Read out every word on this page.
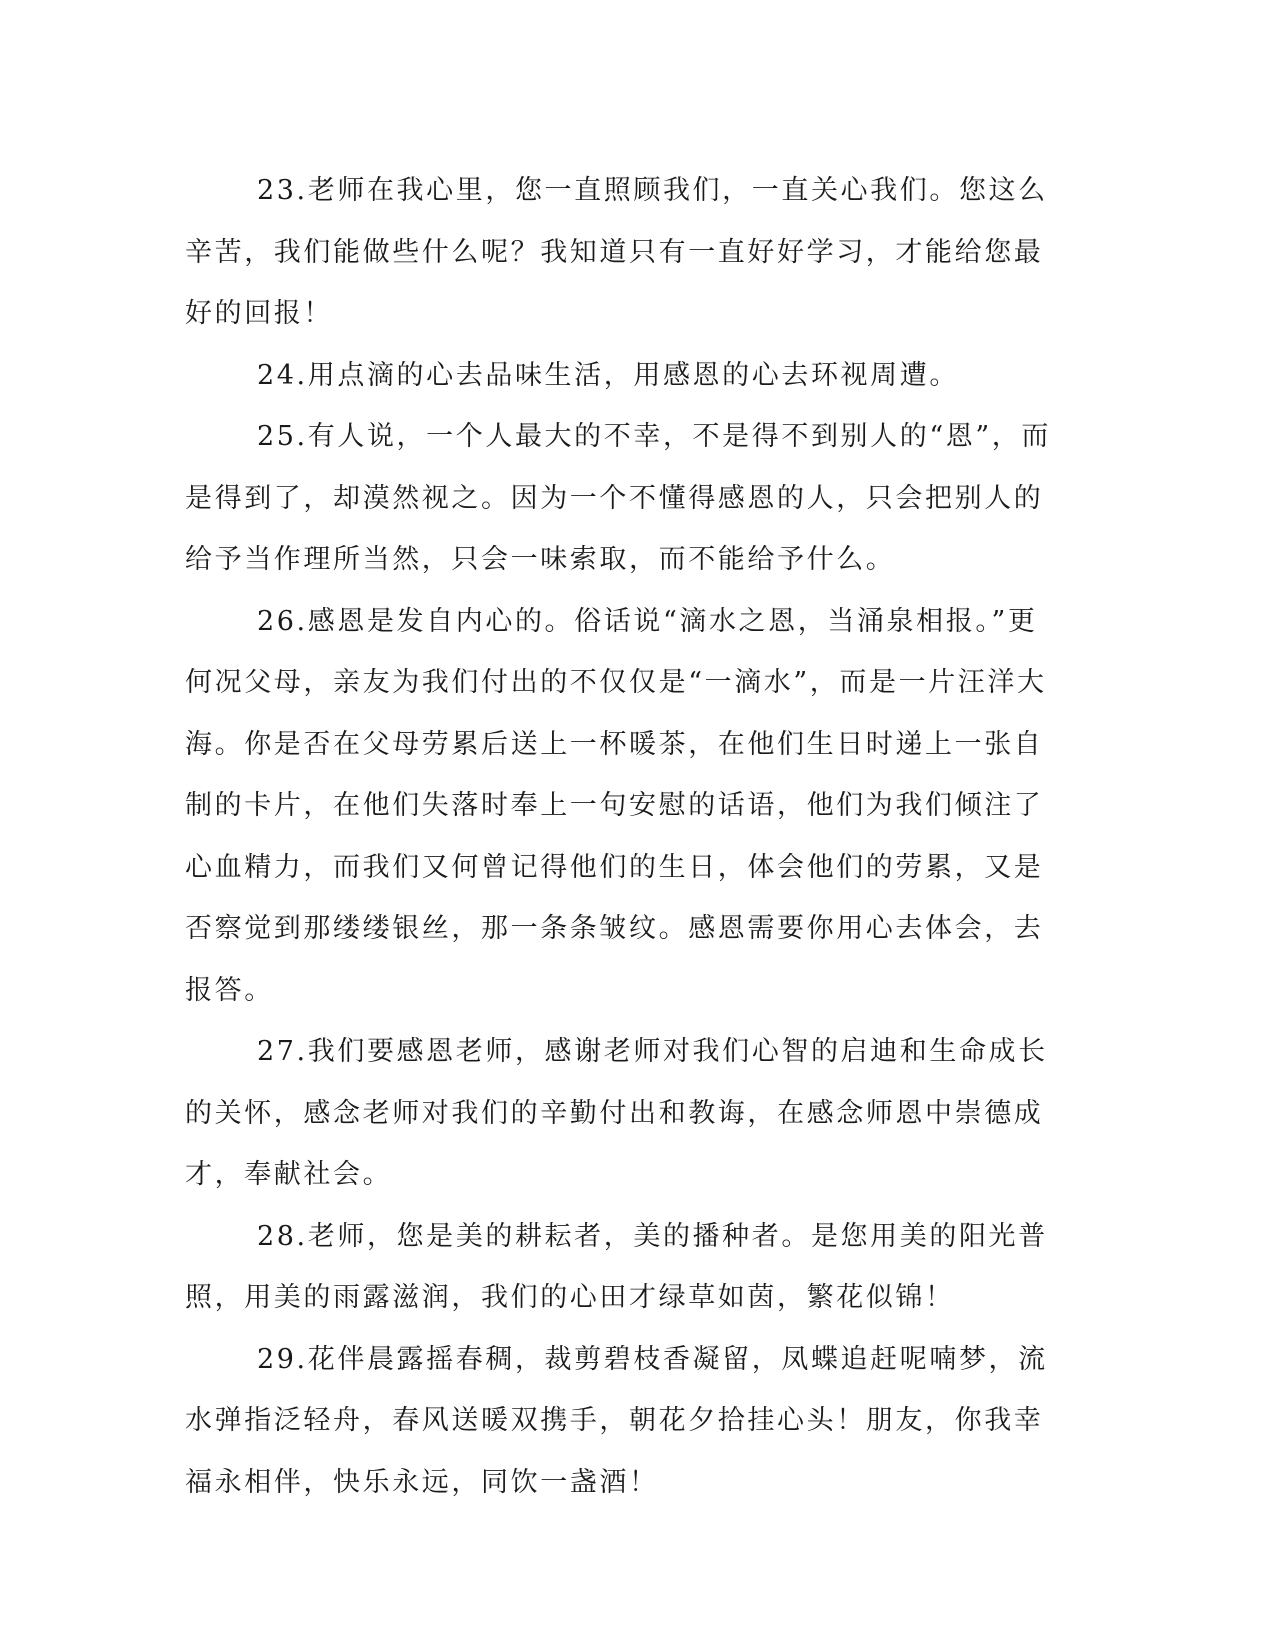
23.老师在我心里，您一直照顾我们，一直关心我们。您这么辛苦，我们能做些什么呢？我知道只有一直好好学习，才能给您最好的回报！

24.用点滴的心去品味生活，用感恩的心去环视周遭。

25.有人说，一个人最大的不幸，不是得不到别人的“恩”，而是得到了，却漠然视之。因为一个不懂得感恩的人，只会把别人的给予当作理所当然，只会一味索取，而不能给予什么。

26.感恩是发自内心的。俗话说“滴水之恩，当涌泉相报。”更何况父母，亲友为我们付出的不仅仅是“一滴水”，而是一片汪洋大海。你是否在父母劳累后送上一杯暖茶，在他们生日时递上一张自制的卡片，在他们失落时奉上一句安慰的话语，他们为我们倾注了心血精力，而我们又何曾记得他们的生日，体会他们的劳累，又是否察觉到那缕缕银丝，那一条条皱纹。感恩需要你用心去体会，去报答。

27.我们要感恩老师，感谢老师对我们心智的启迪和生命成长的关怀，感念老师对我们的辛勤付出和教诲，在感念师恩中崇德成才，奉献社会。

28.老师，您是美的耕耘者，美的播种者。是您用美的阳光普照，用美的雨露滋润，我们的心田才绿草如茵，繁花似锦！

29.花伴晨露摇春稠，裁剪碧枝香凝留，凤蝶追赶呢喃梦，流水弹指泛轻舟，春风送暖双携手，朝花夕拾挂心头！朋友，你我幸福永相伴，快乐永远，同饮一盏酒！
